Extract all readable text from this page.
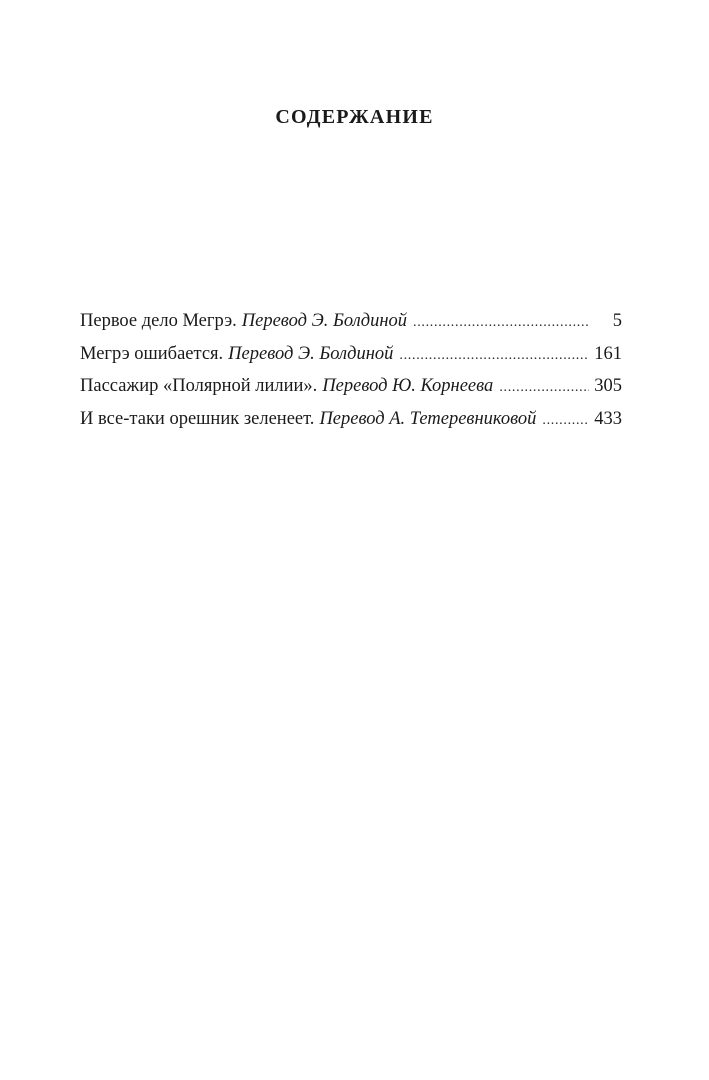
СОДЕРЖАНИЕ
Первое дело Мегрэ. Перевод Э. Болдиной . . .	5
Мегрэ ошибается. Перевод Э. Болдиной . . .	161
Пассажир «Полярной лилии». Перевод Ю. Корнеева . . .	305
И все-таки орешник зеленеет. Перевод А. Тетеревниковой . . .	433
